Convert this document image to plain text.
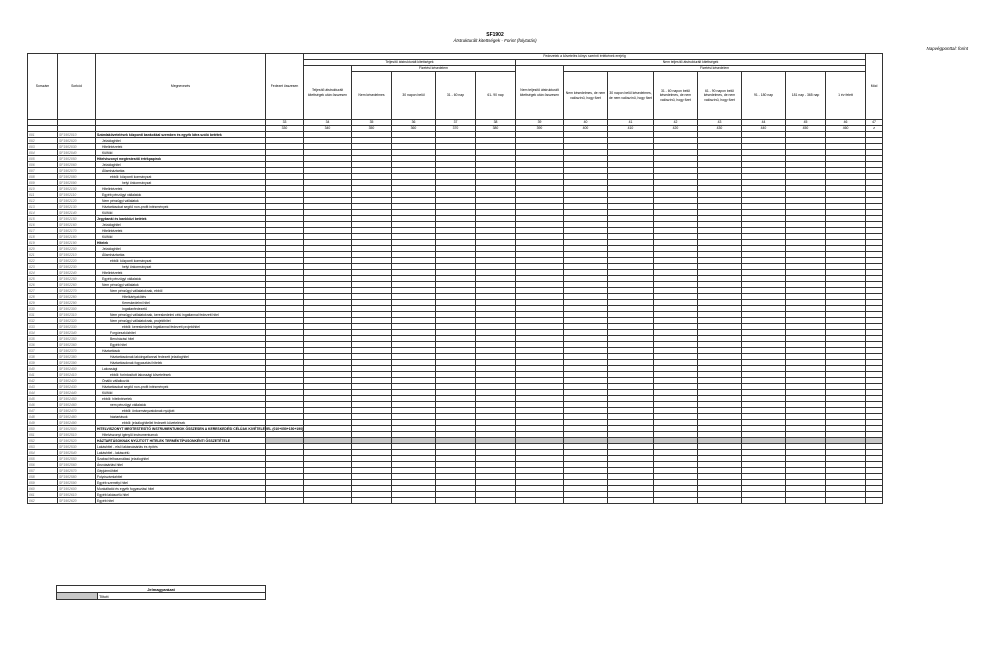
SF1902
Átstrukturált kitettségek - Forint (folytatás)
Napvégponttal: forint
Sorszám	Sorkód	Megnevezés	Fedezet összesen	Fedezetek a követelés könyv szerinti értékének erejéig													Mód
				Teljesítő átstrukturált kitettségek					Nem teljesítő átstrukturált kitettségek								
				Teljesítő átstrukturált kitettségek után összesen	Fizetési késedelem				Nem teljesítő átstrukturált kitettségek után összesen	Fizetési késedelem							
					Nem késedelmes	30 napon belül	31 - 60 nap	61- 90 nap		Nem késedelmes, de nem valószínű, hogy fizet	30 napon belül késedelmes, de nem valószínű, hogy fizet	31 - 60 napon belül késedelmes, de nem valószínű, hogy fizet	61 - 90 napon belül késedelmes, de nem valószínű, hogy fizet	91 - 180 nap	181 nap - 365 nap	1 év felett	
			33	34	35	36	37	38	39	40	41	42	43	44	45	46	47
			330	340	350	360	370	380	390	400	410	420	430	440	450	460	z
001	SF1902010	Számlakövetelések központi bankokkal szemben és egyéb látra szóló betétek															
002	SF1902020	Jelzáloghitel															
003	SF1902030	Hitelintézetek															
004	SF1902040	Külföld															
005	SF1902050	Hitelviszonyt megtestesítő értékpapírok															
006	SF1902060	Jelzáloghitel															
007	SF1902070	Államháztartás															
008	SF1902080	ebből: központi kormányzat															
009	SF1902090	helyi önkormányzat															
010	SF1902100	Hitelintézetek															
011	SF1902110	Egyéb pénzügyi vállalatok															
012	SF1902120	Nem pénzügyi vállalatok															
013	SF1902130	Háztartásokat segítő non-profit intézmények															
014	SF1902140	Külföld															
015	SF1902150	Jegybanki és bankközi betétek															
016	SF1902160	Jelzáloghitel															
017	SF1902170	Hitelintézetek															
018	SF1902180	Külföld															
019	SF1902190	Hitelek															
020	SF1902200	Jelzáloghitel															
021	SF1902210	Államháztartás															
022	SF1902220	ebből: központi kormányzat															
023	SF1902230	helyi önkormányzat															
024	SF1902240	Hitelintézetek															
025	SF1902250	Egyéb pénzügyi vállalatok															
026	SF1902260	Nem pénzügyi vállalatok															
027	SF1902270	Nem pénzügyi vállalatoknak, ebből															
028	SF1902280	Hitelkártyakötés															
029	SF1902290	Kereskedelmi hitel															
030	SF1902300	Ingatlanfedezetű															
031	SF1902310	Nem pénzügyi vállalatoknak, kereskedelmi célú ingatlannal fedezett hitel															
032	SF1902320	Nem pénzügyi vállalatoknak, projekthitel															
033	SF1902330	ebből: kereskedelmi ingatlannal fedezett projekthitel															
034	SF1902340	Forgóeszközhitel															
035	SF1902350	Beruházási hitel															
036	SF1902360	Egyéb hitel															
037	SF1902370	Háztartások															
038	SF1902380	Háztartásoknak lakóingatlannal fedezett jelzáloghitel															
039	SF1902390	Háztartásoknak fogyasztási hitelek															
040	SF1902400	Lakossági															
041	SF1902410	ebből: forintosított lakossági követelések															
042	SF1902420	Önálló vállalkozók															
043	SF1902430	Háztartásokat segítő non-profit intézmények															
044	SF1902440	Külföld															
045	SF1902450	ebből: hitelintézetek															
046	SF1902460	nem pénzügyi vállalatok															
047	SF1902470	ebből: önkormányzatoknak nyújtott															
048	SF1902480	háztartások															
049	SF1902490	ebből: jelzáloghitellel fedezett követelések															
050	SF1902500	HITELVISZONYT MEGTESTESÍTŐ INSTRUMENTUMOK ÖSSZESEN A KERESKEDÉSI CÉLÚAK KIVÉTELÉVEL (010+050+150+190)															
051	SF1902510	Hitelviszonyt igénylő instrumentumok															
052	SF1902520	HÁZTARTÁSOKNAK NYÚJTOTT HITELEK TERMÉKTÍPUSONKÉNTI ÖSSZETÉTELE															
053	SF1902530	Lakáshitel - első lakásvásárlás és építés															
054	SF1902540	Lakáshitel - lakáscélú															
055	SF1902550	Szabad felhasználású jelzáloghitel															
056	SF1902560	Áruvásárlási hitel															
057	SF1902570	Gépjárműhitel															
058	SF1902580	Folyószámlahitel															
059	SF1902590	Egyéb személyi hitel															
060	SF1902600	Munkáltatói és egyéb fogyasztási hitel															
061	SF1902610	Egyéb lakáscélú hitel															
062	SF1902620	Egyéb hitel															
Jelmagyarázat
	Tiltott
